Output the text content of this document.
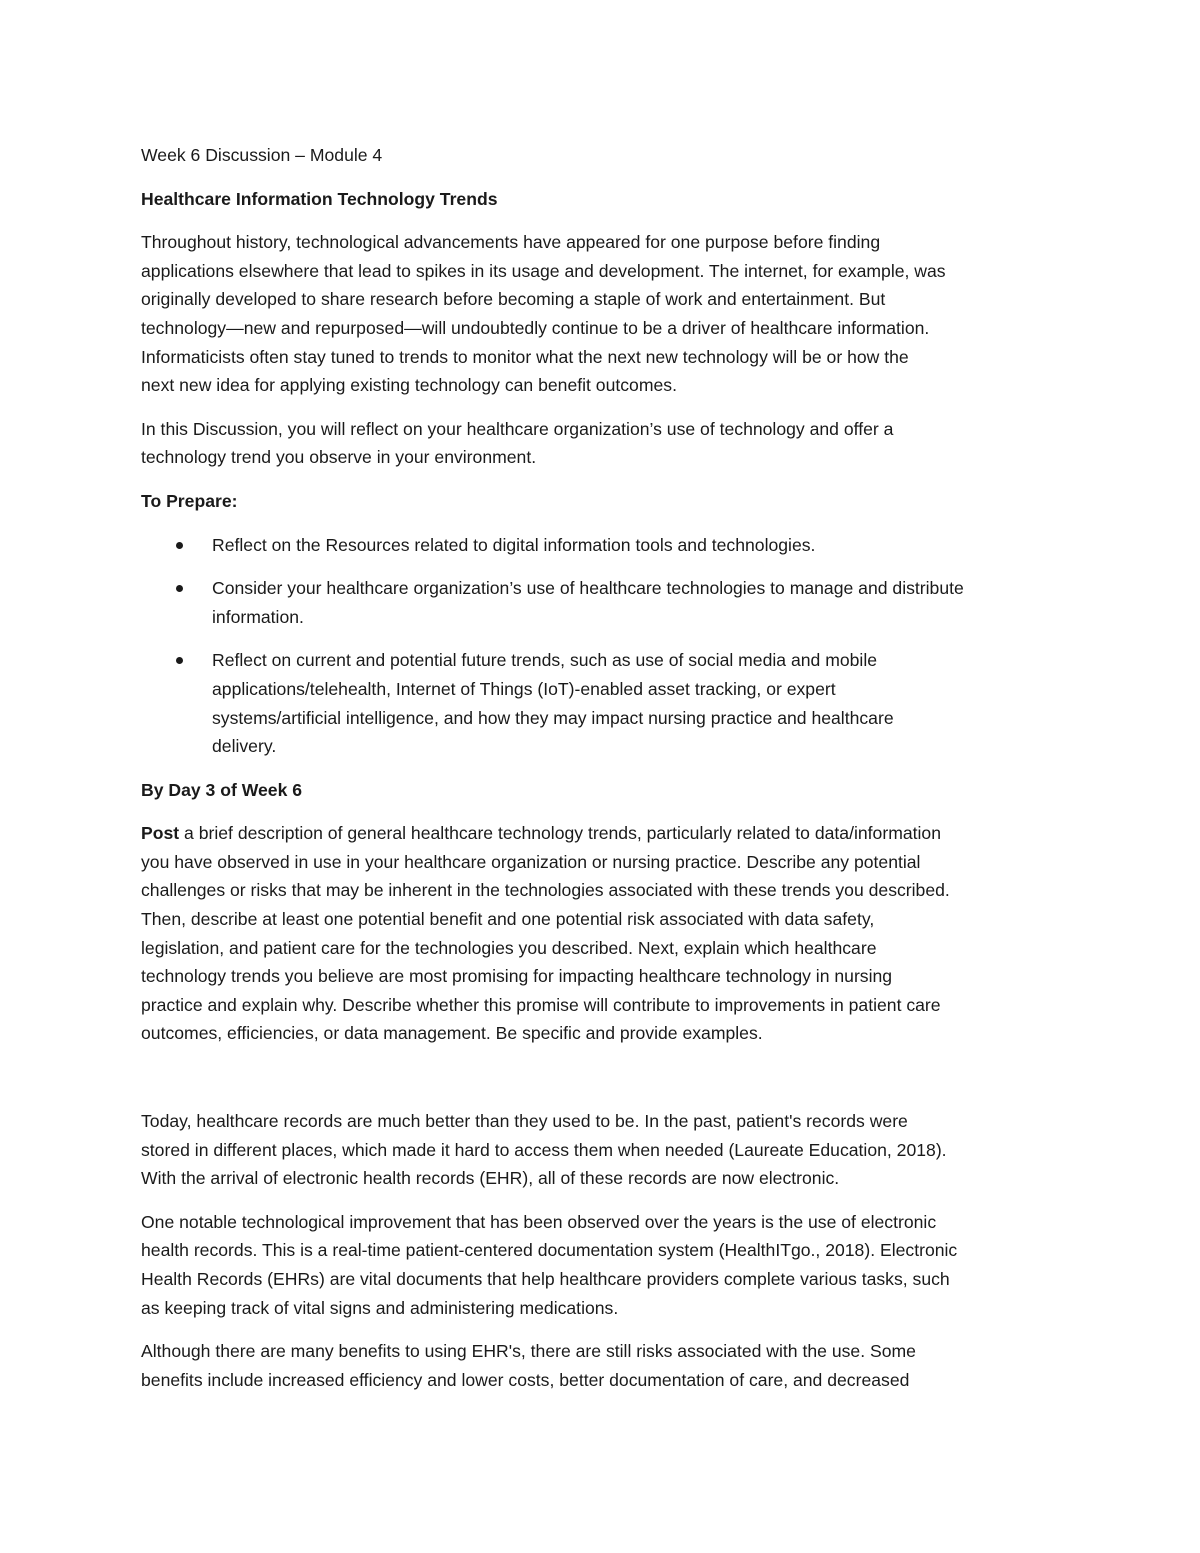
Week 6 Discussion – Module 4

Healthcare Information Technology Trends

Throughout history, technological advancements have appeared for one purpose before finding
applications elsewhere that lead to spikes in its usage and development. The internet, for example, was
originally developed to share research before becoming a staple of work and entertainment. But
technology—new and repurposed—will undoubtedly continue to be a driver of healthcare information.
Informaticists often stay tuned to trends to monitor what the next new technology will be or how the
next new idea for applying existing technology can benefit outcomes.

In this Discussion, you will reflect on your healthcare organization’s use of technology and offer a
technology trend you observe in your environment.

To Prepare:

Reflect on the Resources related to digital information tools and technologies.
Consider your healthcare organization’s use of healthcare technologies to manage and distribute
information.
Reflect on current and potential future trends, such as use of social media and mobile
applications/telehealth, Internet of Things (IoT)-enabled asset tracking, or expert
systems/artificial intelligence, and how they may impact nursing practice and healthcare
delivery.

By Day 3 of Week 6

Post a brief description of general healthcare technology trends, particularly related to data/information
you have observed in use in your healthcare organization or nursing practice. Describe any potential
challenges or risks that may be inherent in the technologies associated with these trends you described.
Then, describe at least one potential benefit and one potential risk associated with data safety,
legislation, and patient care for the technologies you described. Next, explain which healthcare
technology trends you believe are most promising for impacting healthcare technology in nursing
practice and explain why. Describe whether this promise will contribute to improvements in patient care
outcomes, efficiencies, or data management. Be specific and provide examples.

Today, healthcare records are much better than they used to be. In the past, patient's records were
stored in different places, which made it hard to access them when needed (Laureate Education, 2018).
With the arrival of electronic health records (EHR), all of these records are now electronic.

One notable technological improvement that has been observed over the years is the use of electronic
health records. This is a real-time patient-centered documentation system (HealthITgo., 2018). Electronic
Health Records (EHRs) are vital documents that help healthcare providers complete various tasks, such
as keeping track of vital signs and administering medications.

Although there are many benefits to using EHR's, there are still risks associated with the use. Some
benefits include increased efficiency and lower costs, better documentation of care, and decreased
